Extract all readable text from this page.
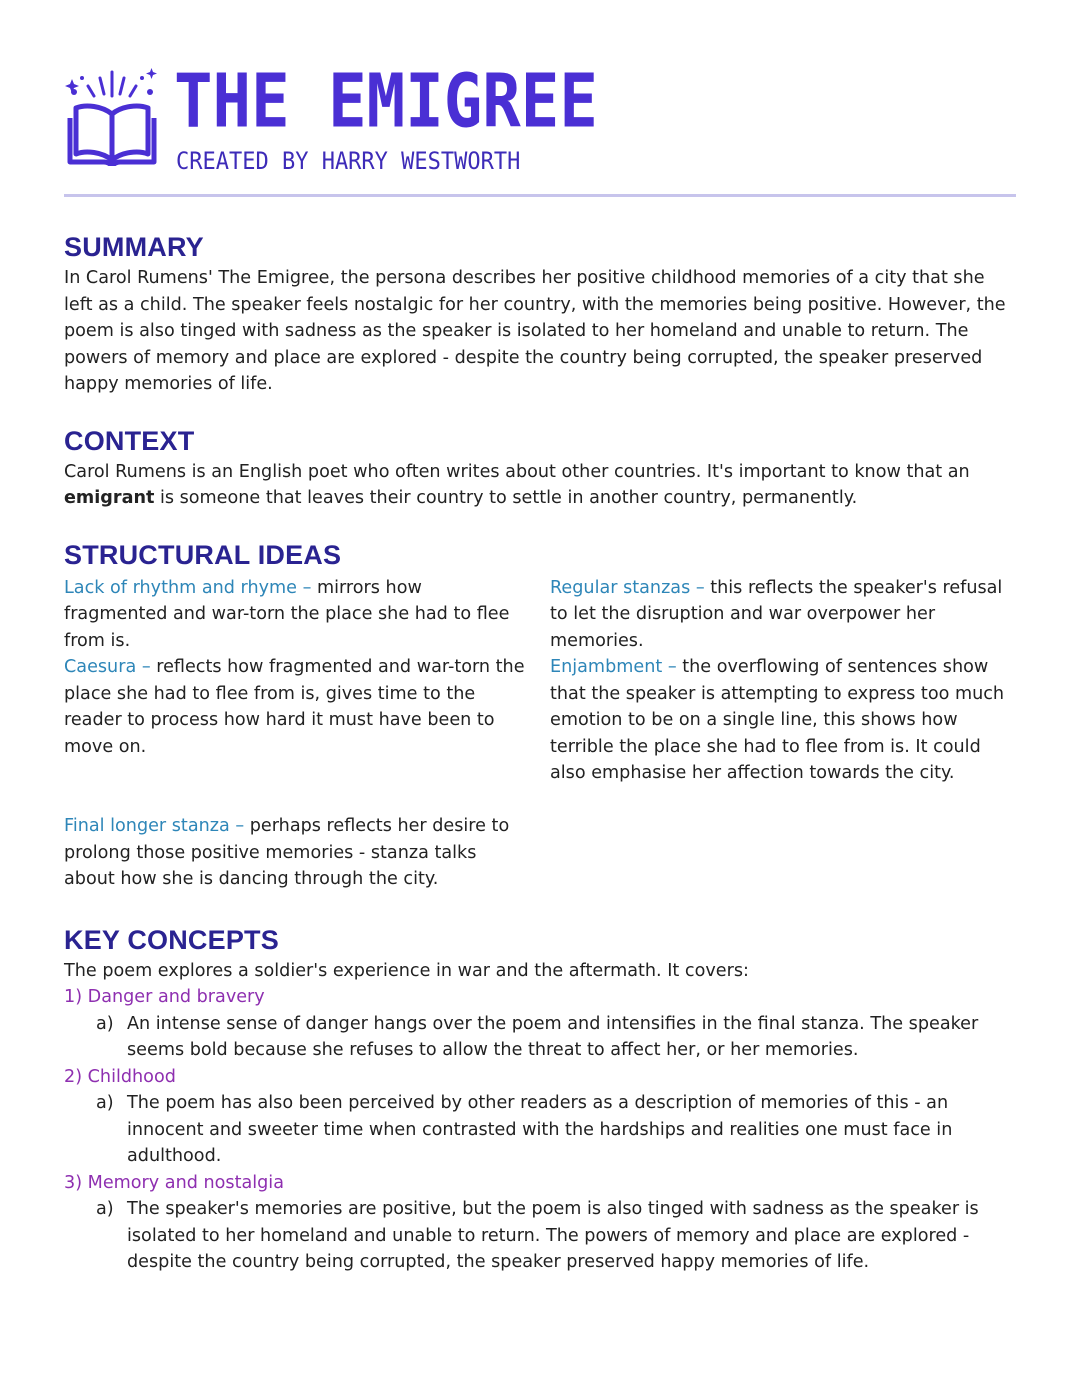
THE EMIGREE
CREATED BY HARRY WESTWORTH
SUMMARY

In Carol Rumens' The Emigree, the persona describes her positive childhood memories of a city that she left as a child. The speaker feels nostalgic for her country, with the memories being positive. However, the poem is also tinged with sadness as the speaker is isolated to her homeland and unable to return. The powers of memory and place are explored - despite the country being corrupted, the speaker preserved happy memories of life.

CONTEXT

Carol Rumens is an English poet who often writes about other countries. It's important to know that an emigrant is someone that leaves their country to settle in another country, permanently.

STRUCTURAL IDEAS

Lack of rhythm and rhyme – mirrors how fragmented and war-torn the place she had to flee from is.

Caesura – reflects how fragmented and war-torn the place she had to flee from is, gives time to the reader to process how hard it must have been to move on.

Final longer stanza – perhaps reflects her desire to prolong those positive memories - stanza talks about how she is dancing through the city.

Regular stanzas – this reflects the speaker's refusal to let the disruption and war overpower her memories.

Enjambment – the overflowing of sentences show that the speaker is attempting to express too much emotion to be on a single line, this shows how terrible the place she had to flee from is. It could also emphasise her affection towards the city.

KEY CONCEPTS

The poem explores a soldier's experience in war and the aftermath. It covers:

1) Danger and bravery
a) An intense sense of danger hangs over the poem and intensifies in the final stanza. The speaker seems bold because she refuses to allow the threat to affect her, or her memories.
2) Childhood
a) The poem has also been perceived by other readers as a description of memories of this - an innocent and sweeter time when contrasted with the hardships and realities one must face in adulthood.
3) Memory and nostalgia
a) The speaker's memories are positive, but the poem is also tinged with sadness as the speaker is isolated to her homeland and unable to return. The powers of memory and place are explored - despite the country being corrupted, the speaker preserved happy memories of life.
